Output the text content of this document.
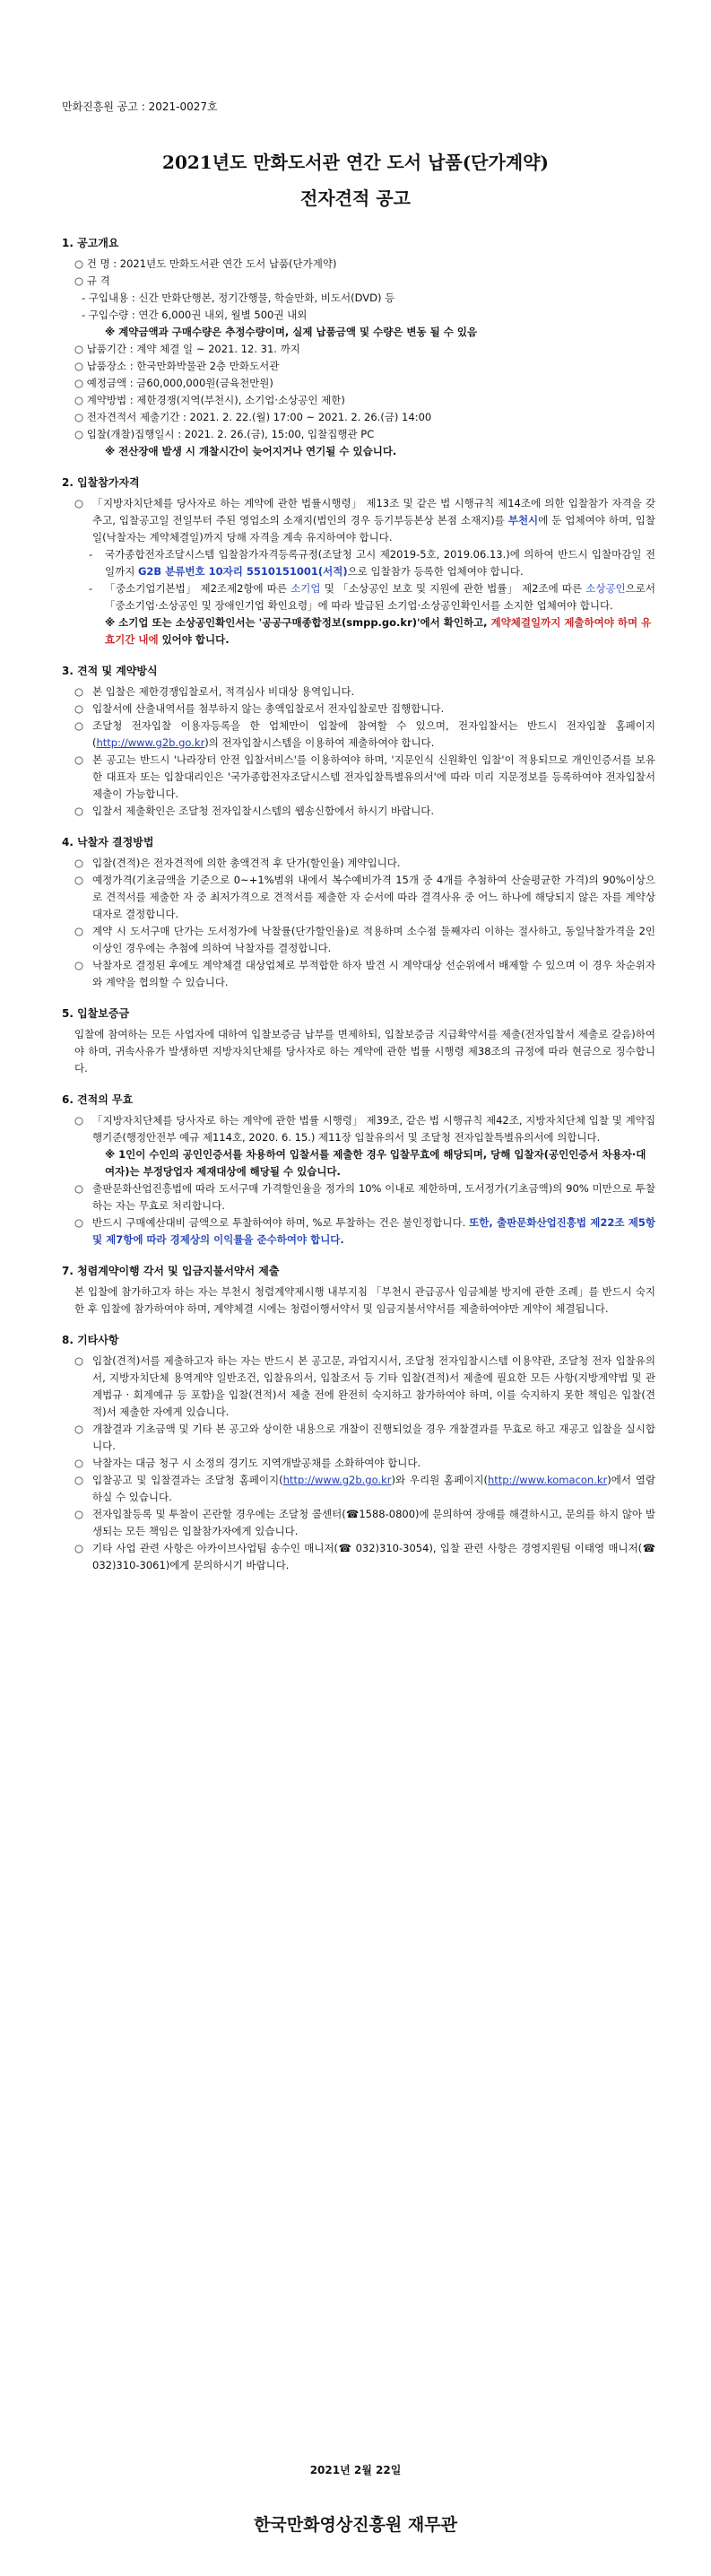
만화진흥원 공고 : 2021-0027호
2021년도 만화도서관 연간 도서 납품(단가계약)
전자견적 공고
1. 공고개요
○ 건 명 : 2021년도 만화도서관 연간 도서 납품(단가계약)
○ 규 격
- 구입내용 : 신간 만화단행본, 정기간행물, 학술만화, 비도서(DVD) 등
- 구입수량 : 연간 6,000권 내외, 월별 500권 내외
※ 계약금액과 구매수량은 추정수량이며, 실제 납품금액 및 수량은 변동 될 수 있음
○ 납품기간 : 계약 체결 일 ~ 2021. 12. 31. 까지
○ 납품장소 : 한국만화박물관 2층 만화도서관
○ 예정금액 : 금60,000,000원(금육천만원)
○ 계약방법 : 제한경쟁(지역(부천시), 소기업·소상공인 제한)
○ 전자견적서 제출기간 : 2021. 2. 22.(월) 17:00 ~ 2021. 2. 26.(금) 14:00
○ 입찰(개찰)집행일시 : 2021. 2. 26.(금), 15:00, 입찰집행관 PC
※ 전산장애 발생 시 개찰시간이 늦어지거나 연기될 수 있습니다.
2. 입찰참가자격
○ 「지방자치단체를 당사자로 하는 계약에 관한 법률시행령」 제13조 및 같은 법 시행규칙 제14조에 의한 입찰참가 자격을 갖추고, 입찰공고일 전일부터 주된 영업소의 소재지(법인의 경우 등기부등본상 본점 소재지)를 부천시에 둔 업체여야 하며, 입찰일(낙찰자는 계약체결일)까지 당해 자격을 계속 유지하여야 합니다.
- 국가종합전자조달시스템 입찰참가자격등록규정(조달청 고시 제2019-5호, 2019.06.13.)에 의하여 반드시 입찰마감일 전일까지 G2B 분류번호 10자리 5510151001(서적)으로 입찰참가 등록한 업체여야 합니다.
- 「중소기업기본법」 제2조제2항에 따른 소기업 및 「소상공인 보호 및 지원에 관한 법률」 제2조에 따른 소상공인으로서 「중소기업·소상공인 및 장애인기업 확인요령」에 따라 발급된 소기업·소상공인확인서를 소지한 업체여야 합니다.
※ 소기업 또는 소상공인확인서는 '공공구매종합정보(smpp.go.kr)'에서 확인하고, 계약체결일까지 제출하여야 하며 유효기간 내에 있어야 합니다.
3. 견적 및 계약방식
○ 본 입찰은 제한경쟁입찰로서, 적격심사 비대상 용역입니다.
○ 입찰서에 산출내역서를 첨부하지 않는 총액입찰로서 전자입찰로만 집행합니다.
○ 조달청 전자입찰 이용자등록을 한 업체만이 입찰에 참여할 수 있으며, 전자입찰서는 반드시 전자입찰 홈페이지(http://www.g2b.go.kr)의 전자입찰시스템을 이용하여 제출하여야 합니다.
○ 본 공고는 반드시 '나라장터 안전 입찰서비스'를 이용하여야 하며, '지문인식 신원확인 입찰'이 적용되므로 개인인증서를 보유한 대표자 또는 입찰대리인은 '국가종합전자조달시스템 전자입찰특별유의서'에 따라 미리 지문정보를 등록하여야 전자입찰서 제출이 가능합니다.
○ 입찰서 제출확인은 조달청 전자입찰시스템의 웹송신함에서 하시기 바랍니다.
4. 낙찰자 결정방법
○ 입찰(견적)은 전자견적에 의한 총액견적 후 단가(할인율) 계약입니다.
○ 예정가격(기초금액을 기준으로 0~+1%범위 내에서 복수예비가격 15개 중 4개를 추첨하여 산술평균한 가격)의 90%이상으로 견적서를 제출한 자 중 최저가격으로 견적서를 제출한 자 순서에 따라 결격사유 중 어느 하나에 해당되지 않은 자를 계약상대자로 결정합니다.
○ 계약 시 도서구매 단가는 도서정가에 낙찰률(단가할인율)로 적용하며 소수점 둘째자리 이하는 절사하고, 동일낙찰가격을 2인 이상인 경우에는 추첨에 의하여 낙찰자를 결정합니다.
○ 낙찰자로 결정된 후에도 계약체결 대상업체로 부적합한 하자 발견 시 계약대상 선순위에서 배제할 수 있으며 이 경우 차순위자와 계약을 협의할 수 있습니다.
5. 입찰보증금
입찰에 참여하는 모든 사업자에 대하여 입찰보증금 납부를 면제하되, 입찰보증금 지급확약서를 제출(전자입찰서 제출로 갈음)하여야 하며, 귀속사유가 발생하면 지방자치단체를 당사자로 하는 계약에 관한 법률 시행령 제38조의 규정에 따라 현금으로 징수합니다.
6. 견적의 무효
○ 「지방자치단체를 당사자로 하는 계약에 관한 법률 시행령」 제39조, 같은 법 시행규칙 제42조, 지방자치단체 입찰 및 계약집행기준(행정안전부 예규 제114호, 2020. 6. 15.) 제11장 입찰유의서 및 조달청 전자입찰특별유의서에 의합니다.
※ 1인이 수인의 공인인증서를 차용하여 입찰서를 제출한 경우 입찰무효에 해당되며, 당해 입찰자(공인인증서 차용자·대여자)는 부정당업자 제재대상에 해당될 수 있습니다.
○ 출판문화산업진흥법에 따라 도서구매 가격할인율을 정가의 10% 이내로 제한하며, 도서정가(기초금액)의 90% 미만으로 투찰하는 자는 무효로 처리합니다.
○ 반드시 구매예산대비 금액으로 투찰하여야 하며, %로 투찰하는 건은 불인정합니다. 또한, 출판문화산업진흥법 제22조 제5항 및 제7항에 따라 경제상의 이익률을 준수하여야 합니다.
7. 청렴계약이행 각서 및 입금지불서약서 제출
본 입찰에 참가하고자 하는 자는 부천시 청렴계약제시행 내부지침 「부천시 관급공사 임금체불 방지에 관한 조례」를 반드시 숙지한 후 입찰에 참가하여야 하며, 계약체결 시에는 청렴이행서약서 및 임금지불서약서를 제출하여야만 계약이 체결됩니다.
8. 기타사항
○ 입찰(견적)서를 제출하고자 하는 자는 반드시 본 공고문, 과업지시서, 조달청 전자입찰시스템 이용약관, 조달청 전자 입찰유의서, 지방자치단체 용역계약 일반조건, 입찰유의서, 입찰조서 등 기타 입찰(견적)서 제출에 필요한 모든 사항(지방계약법 및 관계법규 · 회계예규 등 포함)을 입찰(견적)서 제출 전에 완전히 숙지하고 참가하여야 하며, 이를 숙지하지 못한 책임은 입찰(견적)서 제출한 자에게 있습니다.
○ 개찰결과 기초금액 및 기타 본 공고와 상이한 내용으로 개찰이 진행되었을 경우 개찰결과를 무효로 하고 재공고 입찰을 실시합니다.
○ 낙찰자는 대금 청구 시 소정의 경기도 지역개발공채를 소화하여야 합니다.
○ 입찰공고 및 입찰결과는 조달청 홈페이지(http://www.g2b.go.kr)와 우리원 홈페이지(http://www.komacon.kr)에서 열람하실 수 있습니다.
○ 전자입찰등록 및 투찰이 곤란할 경우에는 조달청 콜센터(☎1588-0800)에 문의하여 장애를 해결하시고, 문의를 하지 않아 발생되는 모든 책임은 입찰참가자에게 있습니다.
○ 기타 사업 관련 사항은 아카이브사업팀 송수인 매니저(☎ 032)310-3054), 입찰 관련 사항은 경영지원팀 이태영 매니저(☎ 032)310-3061)에게 문의하시기 바랍니다.
2021년 2월 22일
한국만화영상진흥원 재무관
